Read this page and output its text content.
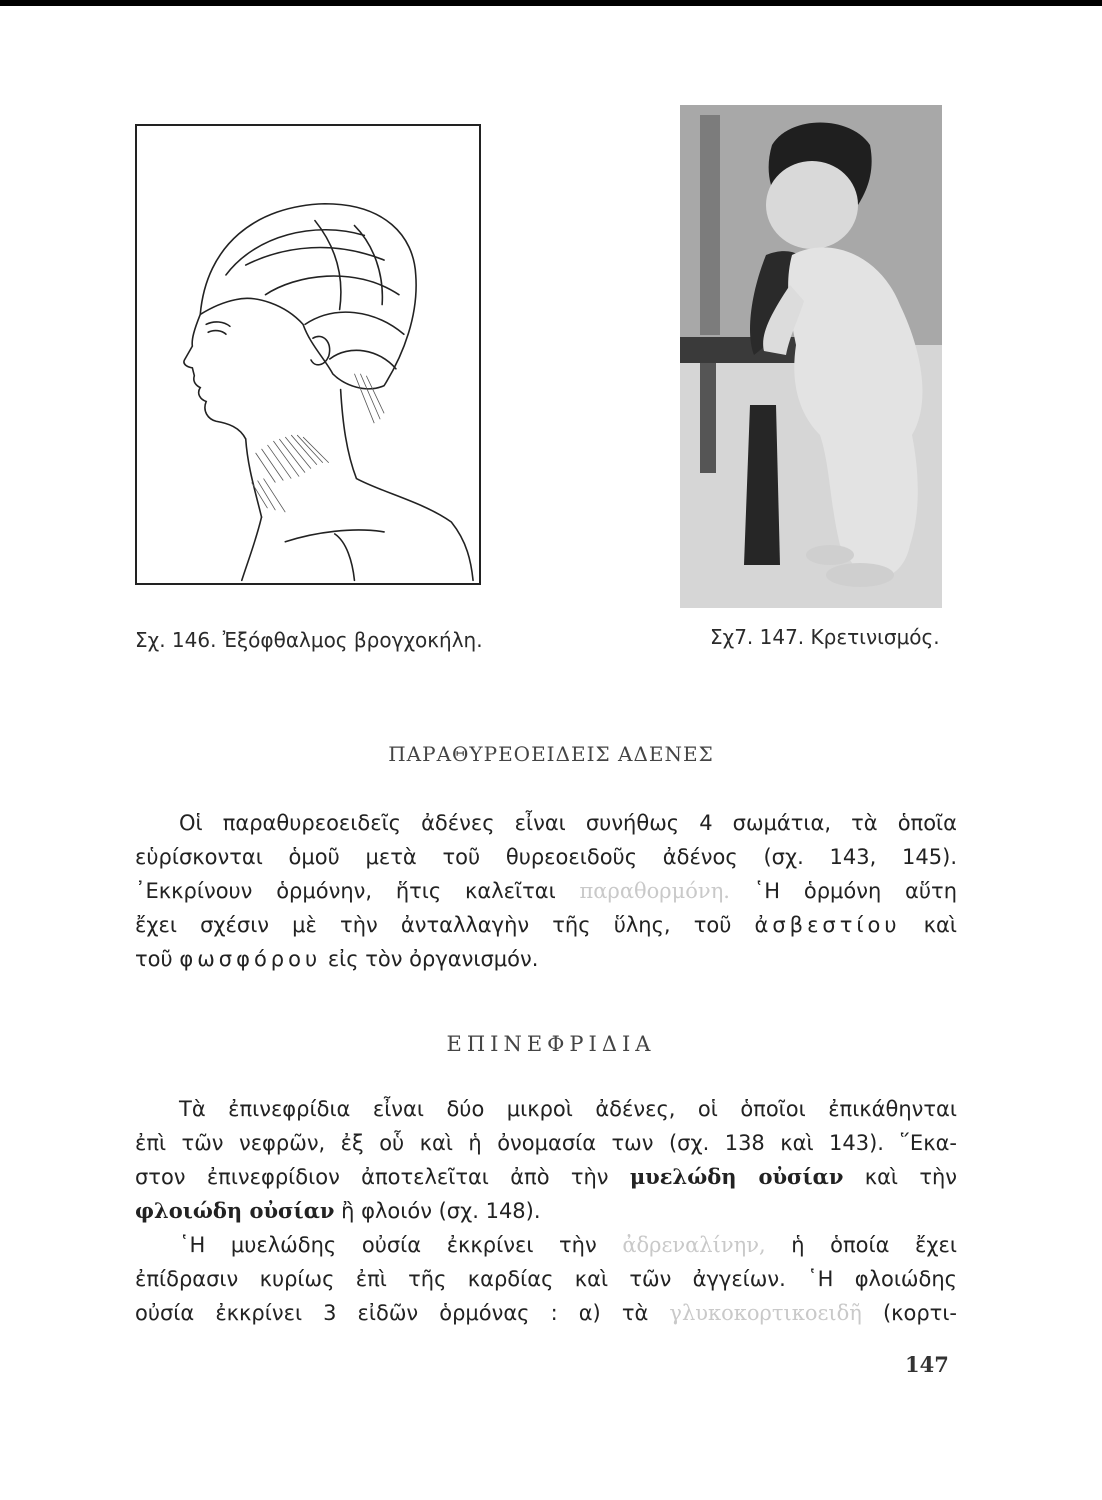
Σχ. 146. Ἐξόφθαλμος βρογχοκήλη.	Σχ7. 147. Κρετινισμός.
ΠΑΡΑΘΥΡΕΟΕΙΔΕΙΣ ΑΔΕΝΕΣ
Οἱ παραθυρεοειδεῖς ἀδένες εἶναι συνήθως 4 σωμάτια, τὰ ὁποῖα
εὑρίσκονται ὁμοῦ μετὰ τοῦ θυρεοειδοῦς ἀδένος (σχ. 143, 145).
᾿Εκκρίνουν ὁρμόνην, ἥτις καλεῖται παραθορμόνη. ῾Η ὁρμόνη αὕτη
ἔχει σχέσιν μὲ τὴν ἀνταλλαγὴν τῆς ὕλης, τοῦ ἀσβεστίου καὶ
τοῦ φωσφόρου εἰς τὸν ὀργανισμόν.
ΕΠΙΝΕΦΡΙΔΙΑ
Τὰ ἐπινεφρίδια εἶναι δύο μικροὶ ἀδένες, οἱ ὁποῖοι ἐπικάθηνται
ἐπὶ τῶν νεφρῶν, ἐξ οὗ καὶ ἡ ὀνομασία των (σχ. 138 καὶ 143). ῞Εκα-
στον ἐπινεφρίδιον ἀποτελεῖται ἀπὸ τὴν μυελώδη οὐσίαν καὶ τὴν
φλοιώδη οὐσίαν ἢ φλοιόν (σχ. 148).
῾Η μυελώδης οὐσία ἐκκρίνει τὴν ἀδρεναλίνην, ἡ ὁποία ἔχει
ἐπίδρασιν κυρίως ἐπὶ τῆς καρδίας καὶ τῶν ἀγγείων. ῾Η φλοιώδης
οὐσία ἐκκρίνει 3 εἰδῶν ὁρμόνας : α) τὰ γλυκοκορτικοειδῆ (κορτι-
147
